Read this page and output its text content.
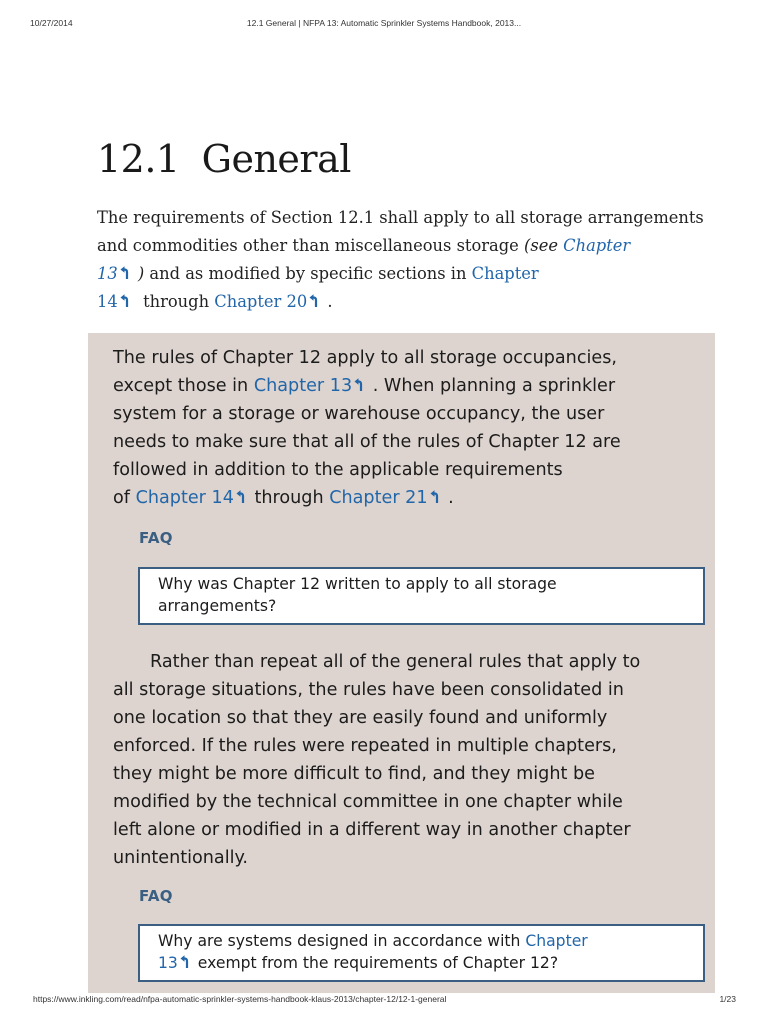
10/27/2014	12.1 General | NFPA 13: Automatic Sprinkler Systems Handbook, 2013...
12.1 General
The requirements of Section 12.1 shall apply to all storage arrangements
and commodities other than miscellaneous storage (see Chapter
13 ) and as modified by specific sections in Chapter
14  through Chapter 20 .
The rules of Chapter 12 apply to all storage occupancies,
except those in Chapter 13 . When planning a sprinkler
system for a storage or warehouse occupancy, the user
needs to make sure that all of the rules of Chapter 12 are
followed in addition to the applicable requirements
of Chapter 14 through Chapter 21 .
FAQ
Why was Chapter 12 written to apply to all storage
arrangements?
Rather than repeat all of the general rules that apply to
all storage situations, the rules have been consolidated in
one location so that they are easily found and uniformly
enforced. If the rules were repeated in multiple chapters,
they might be more difficult to find, and they might be
modified by the technical committee in one chapter while
left alone or modified in a different way in another chapter
unintentionally.
FAQ
Why are systems designed in accordance with Chapter
13 exempt from the requirements of Chapter 12?
https://www.inkling.com/read/nfpa-automatic-sprinkler-systems-handbook-klaus-2013/chapter-12/12-1-general	1/23
